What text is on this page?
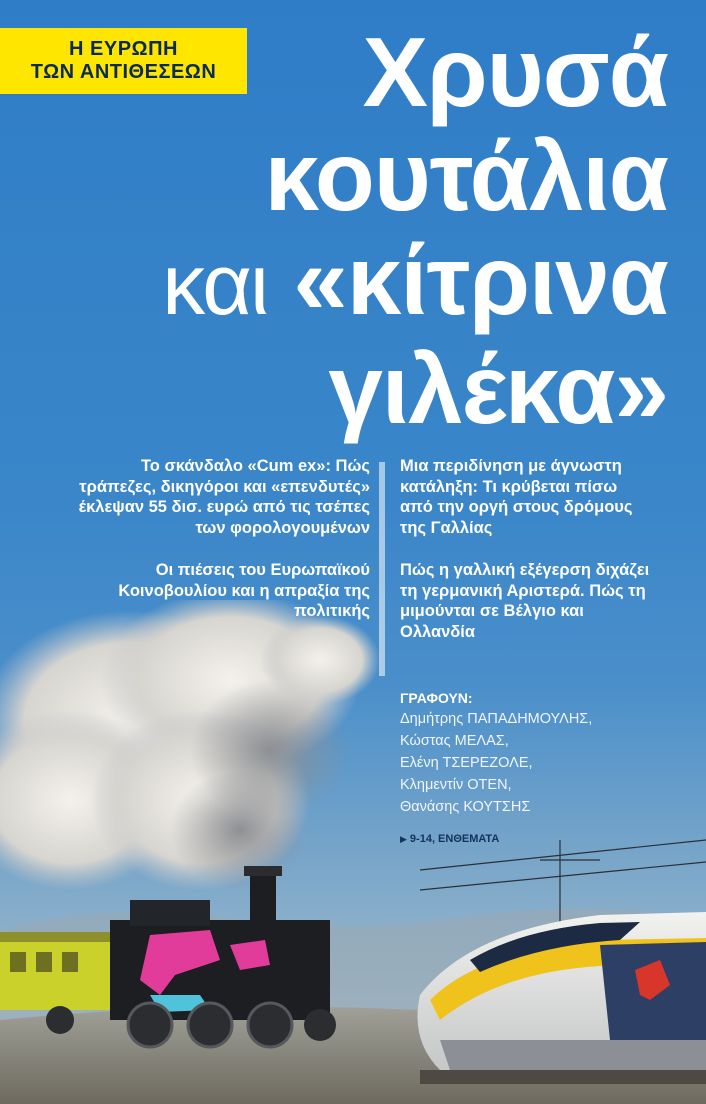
Η ΕΥΡΩΠΗ
ΤΩΝ ΑΝΤΙΘΕΣΕΩΝ	Χρυσά
κουτάλια
και «κίτρινα
γιλέκα»

Το σκάνδαλο «Cum ex»: Πώς τράπεζες, δικηγόροι και «επενδυτές» έκλεψαν 55 δισ. ευρώ από τις τσέπες των φορολογουμένων

Οι πιέσεις του Ευρωπαϊκού Κοινοβουλίου και η απραξία της πολιτικής

Μια περιδίνηση με άγνωστη κατάληξη: Τι κρύβεται πίσω από την οργή στους δρόμους της Γαλλίας

Πώς η γαλλική εξέγερση διχάζει τη γερμανική Αριστερά. Πώς τη μιμούνται σε Βέλγιο και Ολλανδία

ΓΡΑΦΟΥΝ:
Δημήτρης ΠΑΠΑΔΗΜΟΥΛΗΣ,
Κώστας ΜΕΛΑΣ,
Ελένη ΤΣΕΡΕΖΟΛΕ,
Κλημεντίν ΟΤΕΝ,
Θανάσης ΚΟΥΤΣΗΣ
▶ 9-14, ΕΝΘΕΜΑΤΑ
